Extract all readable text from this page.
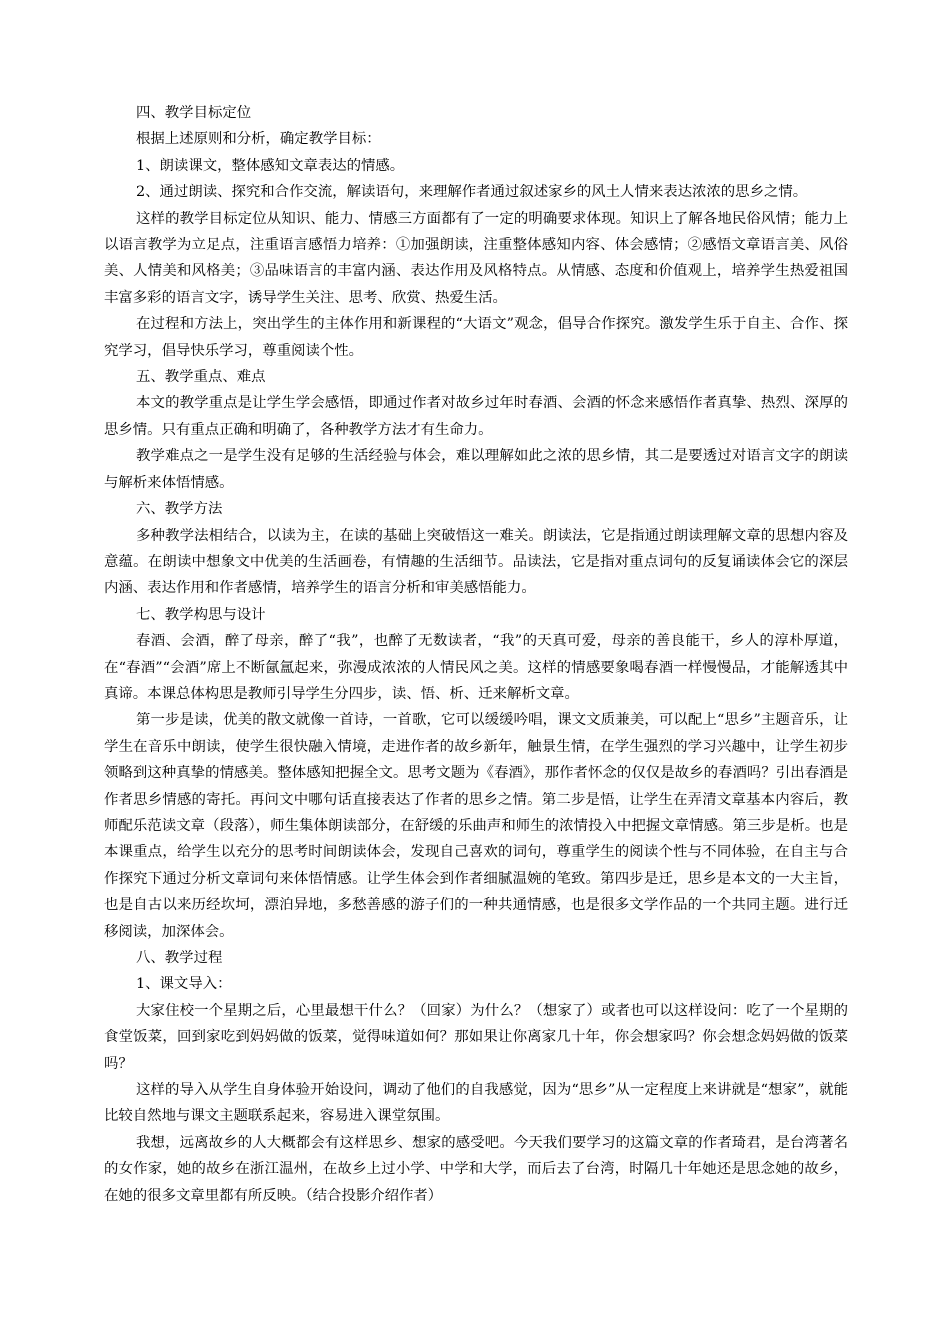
四、教学目标定位

根据上述原则和分析，确定教学目标：

1、朗读课文，整体感知文章表达的情感。

2、通过朗读、探究和合作交流，解读语句，来理解作者通过叙述家乡的风土人情来表达浓浓的思乡之情。

这样的教学目标定位从知识、能力、情感三方面都有了一定的明确要求体现。知识上了解各地民俗风情；能力上以语言教学为立足点，注重语言感悟力培养：①加强朗读，注重整体感知内容、体会感情；②感悟文章语言美、风俗美、人情美和风格美；③品味语言的丰富内涵、表达作用及风格特点。从情感、态度和价值观上，培养学生热爱祖国丰富多彩的语言文字，诱导学生关注、思考、欣赏、热爱生活。

在过程和方法上，突出学生的主体作用和新课程的“大语文”观念，倡导合作探究。激发学生乐于自主、合作、探究学习，倡导快乐学习，尊重阅读个性。

五、教学重点、难点

本文的教学重点是让学生学会感悟，即通过作者对故乡过年时春酒、会酒的怀念来感悟作者真挚、热烈、深厚的思乡情。只有重点正确和明确了，各种教学方法才有生命力。

教学难点之一是学生没有足够的生活经验与体会，难以理解如此之浓的思乡情，其二是要透过对语言文字的朗读与解析来体悟情感。

六、教学方法

多种教学法相结合，以读为主，在读的基础上突破悟这一难关。朗读法，它是指通过朗读理解文章的思想内容及意蕴。在朗读中想象文中优美的生活画卷，有情趣的生活细节。品读法，它是指对重点词句的反复诵读体会它的深层内涵、表达作用和作者感情，培养学生的语言分析和审美感悟能力。

七、教学构思与设计

春酒、会酒，醉了母亲，醉了“我”，也醉了无数读者，“我”的天真可爱，母亲的善良能干，乡人的淳朴厚道，在“春酒”“会酒”席上不断氤氲起来，弥漫成浓浓的人情民风之美。这样的情感要象喝春酒一样慢慢品，才能解透其中真谛。本课总体构思是教师引导学生分四步，读、悟、析、迁来解析文章。

第一步是读，优美的散文就像一首诗，一首歌，它可以缓缓吟唱，课文文质兼美，可以配上“思乡”主题音乐，让学生在音乐中朗读，使学生很快融入情境，走进作者的故乡新年，触景生情，在学生强烈的学习兴趣中，让学生初步领略到这种真挚的情感美。整体感知把握全文。思考文题为《春酒》，那作者怀念的仅仅是故乡的春酒吗？引出春酒是作者思乡情感的寄托。再问文中哪句话直接表达了作者的思乡之情。第二步是悟，让学生在弄清文章基本内容后，教师配乐范读文章（段落），师生集体朗读部分，在舒缓的乐曲声和师生的浓情投入中把握文章情感。第三步是析。也是本课重点，给学生以充分的思考时间朗读体会，发现自己喜欢的词句，尊重学生的阅读个性与不同体验，在自主与合作探究下通过分析文章词句来体悟情感。让学生体会到作者细腻温婉的笔致。第四步是迁，思乡是本文的一大主旨，也是自古以来历经坎坷，漂泊异地，多愁善感的游子们的一种共通情感，也是很多文学作品的一个共同主题。进行迁移阅读，加深体会。

八、教学过程

1、课文导入：

大家住校一个星期之后，心里最想干什么？（回家）为什么？（想家了）或者也可以这样设问：吃了一个星期的食堂饭菜，回到家吃到妈妈做的饭菜，觉得味道如何？那如果让你离家几十年，你会想家吗？你会想念妈妈做的饭菜吗？

这样的导入从学生自身体验开始设问，调动了他们的自我感觉，因为“思乡”从一定程度上来讲就是“想家”，就能比较自然地与课文主题联系起来，容易进入课堂氛围。

我想，远离故乡的人大概都会有这样思乡、想家的感受吧。今天我们要学习的这篇文章的作者琦君，是台湾著名的女作家，她的故乡在浙江温州，在故乡上过小学、中学和大学，而后去了台湾，时隔几十年她还是思念她的故乡，在她的很多文章里都有所反映。（结合投影介绍作者）
